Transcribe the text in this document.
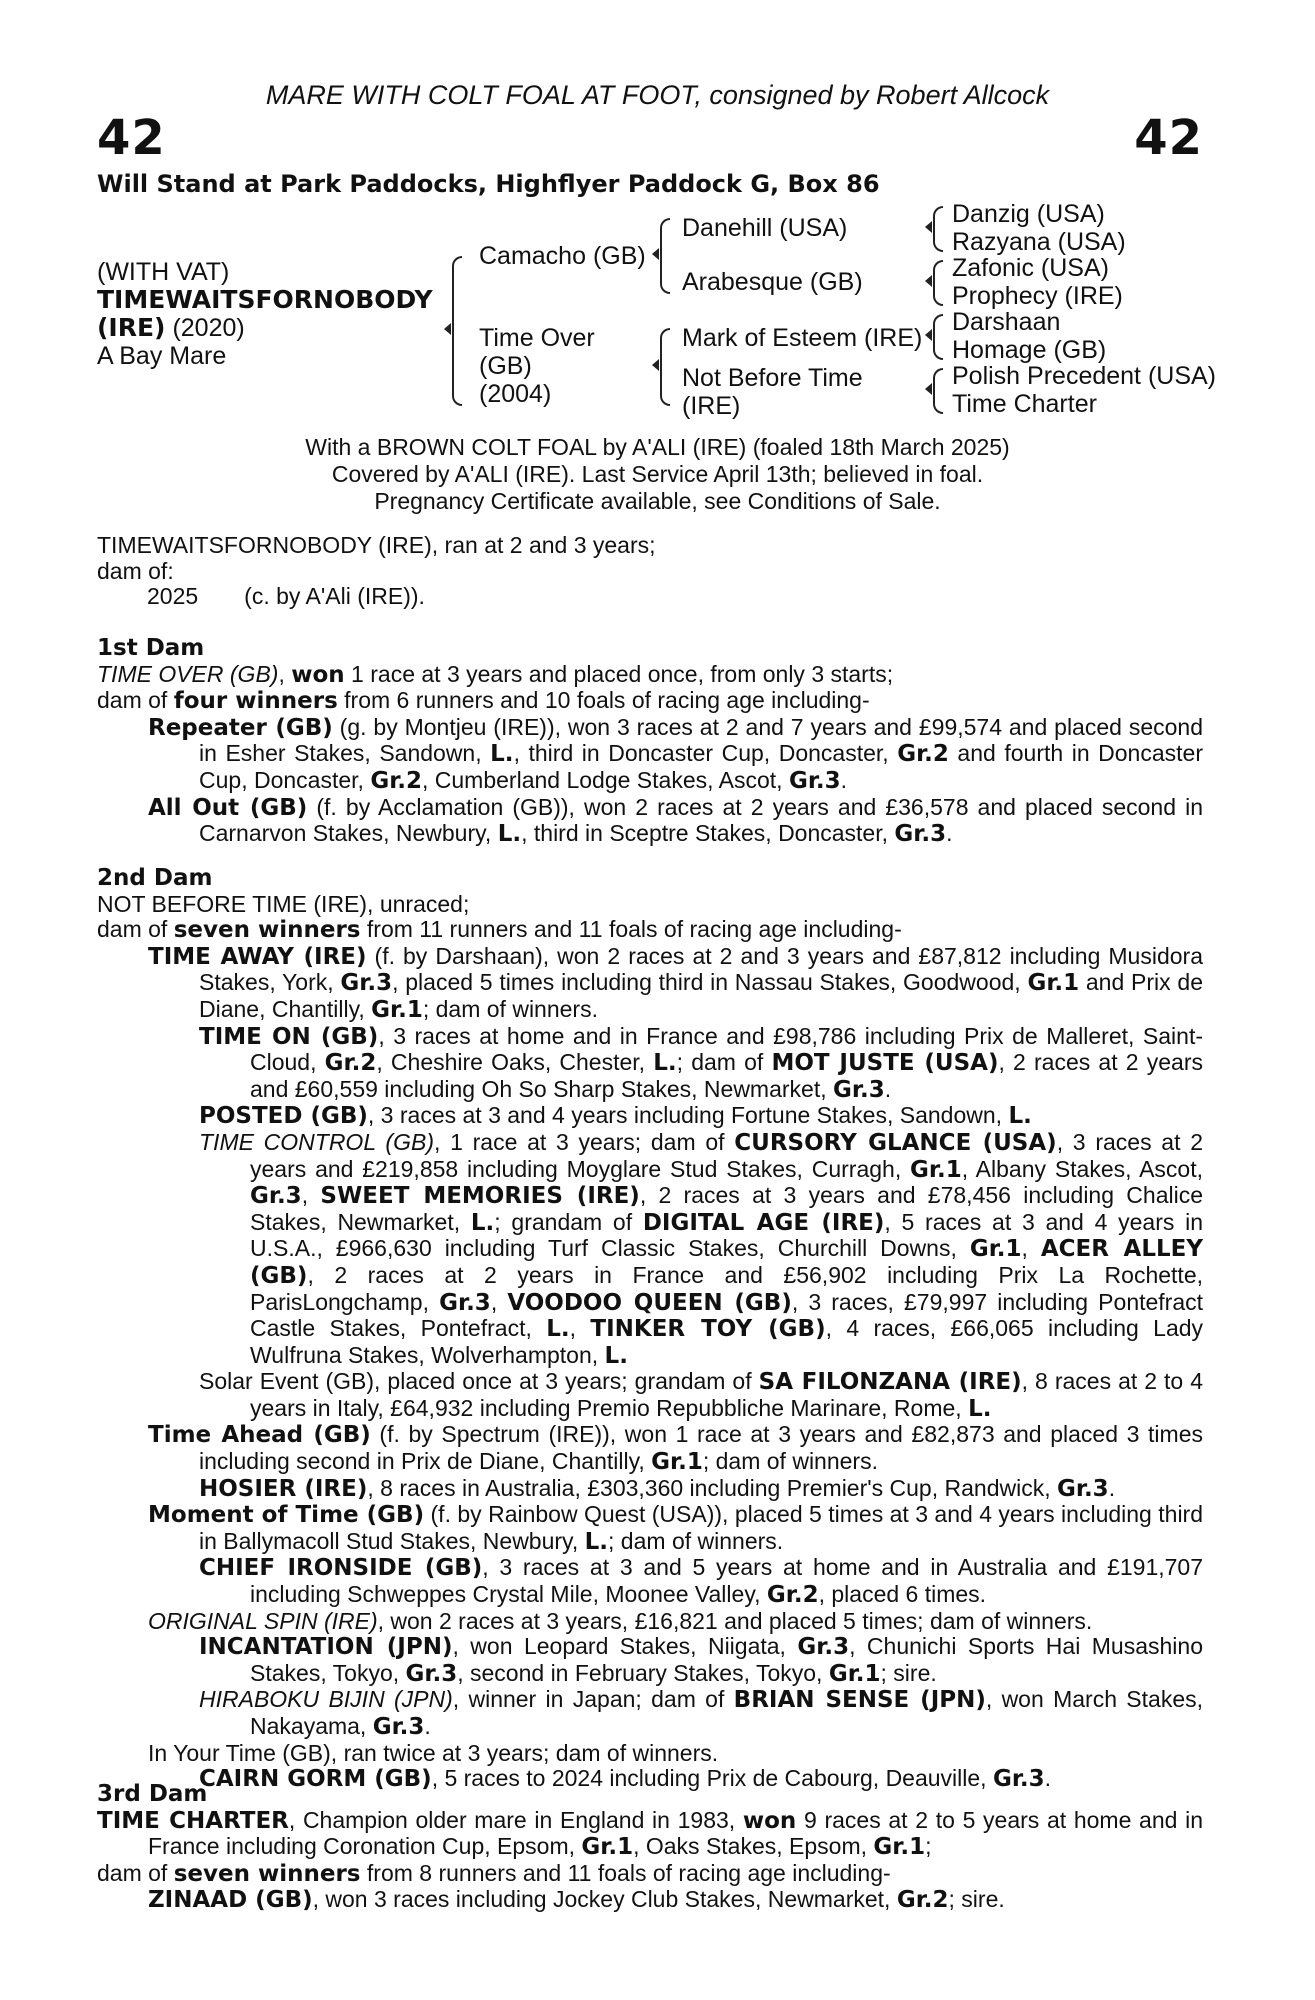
MARE WITH COLT FOAL AT FOOT, consigned by Robert Allcock
42	42
Will Stand at Park Paddocks, Highflyer Paddock G, Box 86
(WITH VAT)
TIMEWAITSFORNOBODY
(IRE) (2020)
A Bay Mare
Camacho (GB)
Time Over
(GB)
(2004)
Danehill (USA)
Arabesque (GB)
Mark of Esteem (IRE)
Not Before Time
(IRE)
Danzig (USA)
Razyana (USA)
Zafonic (USA)
Prophecy (IRE)
Darshaan
Homage (GB)
Polish Precedent (USA)
Time Charter
With a BROWN COLT FOAL by A'ALI (IRE) (foaled 18th March 2025)
Covered by A'ALI (IRE). Last Service April 13th; believed in foal.
Pregnancy Certificate available, see Conditions of Sale.

TIMEWAITSFORNOBODY (IRE), ran at 2 and 3 years;

dam of:

2025 (c. by A'Ali (IRE)).

1st Dam

TIME OVER (GB), won 1 race at 3 years and placed once, from only 3 starts;

dam of four winners from 6 runners and 10 foals of racing age including-

Repeater (GB) (g. by Montjeu (IRE)), won 3 races at 2 and 7 years and £99,574 and placed second in Esher Stakes, Sandown, L., third in Doncaster Cup, Doncaster, Gr.2 and fourth in Doncaster Cup, Doncaster, Gr.2, Cumberland Lodge Stakes, Ascot, Gr.3.

All Out (GB) (f. by Acclamation (GB)), won 2 races at 2 years and £36,578 and placed second in Carnarvon Stakes, Newbury, L., third in Sceptre Stakes, Doncaster, Gr.3.

2nd Dam

NOT BEFORE TIME (IRE), unraced;

dam of seven winners from 11 runners and 11 foals of racing age including-

TIME AWAY (IRE) (f. by Darshaan), won 2 races at 2 and 3 years and £87,812 including Musidora Stakes, York, Gr.3, placed 5 times including third in Nassau Stakes, Goodwood, Gr.1 and Prix de Diane, Chantilly, Gr.1; dam of winners.

TIME ON (GB), 3 races at home and in France and £98,786 including Prix de Malleret, Saint-Cloud, Gr.2, Cheshire Oaks, Chester, L.; dam of MOT JUSTE (USA), 2 races at 2 years and £60,559 including Oh So Sharp Stakes, Newmarket, Gr.3.

POSTED (GB), 3 races at 3 and 4 years including Fortune Stakes, Sandown, L.

TIME CONTROL (GB), 1 race at 3 years; dam of CURSORY GLANCE (USA), 3 races at 2 years and £219,858 including Moyglare Stud Stakes, Curragh, Gr.1, Albany Stakes, Ascot, Gr.3, SWEET MEMORIES (IRE), 2 races at 3 years and £78,456 including Chalice Stakes, Newmarket, L.; grandam of DIGITAL AGE (IRE), 5 races at 3 and 4 years in U.S.A., £966,630 including Turf Classic Stakes, Churchill Downs, Gr.1, ACER ALLEY (GB), 2 races at 2 years in France and £56,902 including Prix La Rochette, ParisLongchamp, Gr.3, VOODOO QUEEN (GB), 3 races, £79,997 including Pontefract Castle Stakes, Pontefract, L., TINKER TOY (GB), 4 races, £66,065 including Lady Wulfruna Stakes, Wolverhampton, L.

Solar Event (GB), placed once at 3 years; grandam of SA FILONZANA (IRE), 8 races at 2 to 4 years in Italy, £64,932 including Premio Repubbliche Marinare, Rome, L.

Time Ahead (GB) (f. by Spectrum (IRE)), won 1 race at 3 years and £82,873 and placed 3 times including second in Prix de Diane, Chantilly, Gr.1; dam of winners.

HOSIER (IRE), 8 races in Australia, £303,360 including Premier's Cup, Randwick, Gr.3.

Moment of Time (GB) (f. by Rainbow Quest (USA)), placed 5 times at 3 and 4 years including third in Ballymacoll Stud Stakes, Newbury, L.; dam of winners.

CHIEF IRONSIDE (GB), 3 races at 3 and 5 years at home and in Australia and £191,707 including Schweppes Crystal Mile, Moonee Valley, Gr.2, placed 6 times.

ORIGINAL SPIN (IRE), won 2 races at 3 years, £16,821 and placed 5 times; dam of winners.

INCANTATION (JPN), won Leopard Stakes, Niigata, Gr.3, Chunichi Sports Hai Musashino Stakes, Tokyo, Gr.3, second in February Stakes, Tokyo, Gr.1; sire.

HIRABOKU BIJIN (JPN), winner in Japan; dam of BRIAN SENSE (JPN), won March Stakes, Nakayama, Gr.3.

In Your Time (GB), ran twice at 3 years; dam of winners.

CAIRN GORM (GB), 5 races to 2024 including Prix de Cabourg, Deauville, Gr.3.

3rd Dam

TIME CHARTER, Champion older mare in England in 1983, won 9 races at 2 to 5 years at home and in France including Coronation Cup, Epsom, Gr.1, Oaks Stakes, Epsom, Gr.1;

dam of seven winners from 8 runners and 11 foals of racing age including-

ZINAAD (GB), won 3 races including Jockey Club Stakes, Newmarket, Gr.2; sire.
